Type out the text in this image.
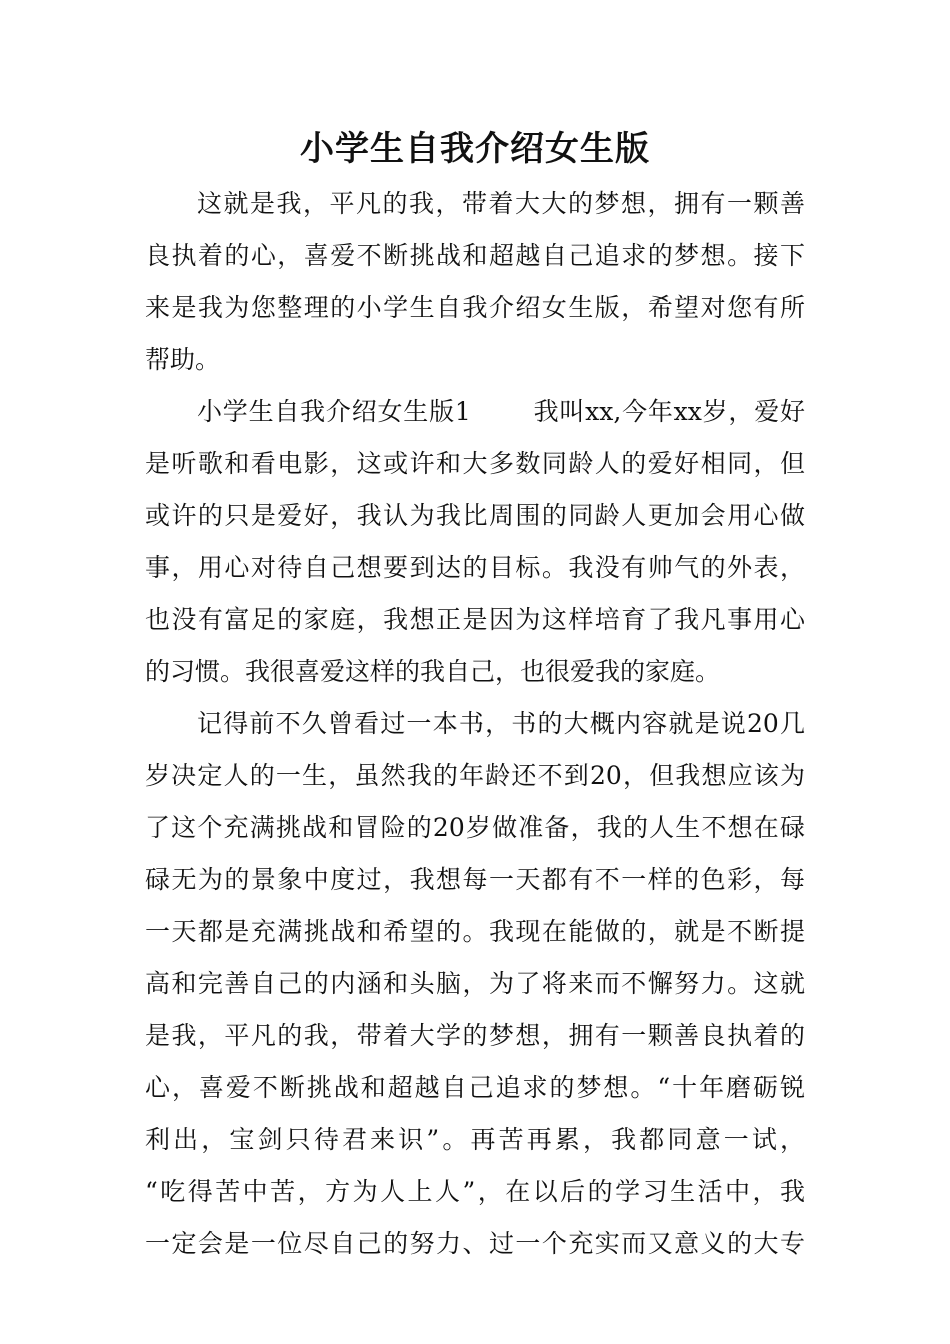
小学生自我介绍女生版
这就是我，平凡的我，带着大大的梦想，拥有一颗善
良执着的心，喜爱不断挑战和超越自己追求的梦想。接下
来是我为您整理的小学生自我介绍女生版，希望对您有所
帮助。
小学生自我介绍女生版1 我叫xx,今年xx岁，爱好
是听歌和看电影，这或许和大多数同龄人的爱好相同，但
或许的只是爱好，我认为我比周围的同龄人更加会用心做
事，用心对待自己想要到达的目标。我没有帅气的外表，
也没有富足的家庭，我想正是因为这样培育了我凡事用心
的习惯。我很喜爱这样的我自己，也很爱我的家庭。
记得前不久曾看过一本书，书的大概内容就是说20几
岁决定人的一生，虽然我的年龄还不到20，但我想应该为
了这个充满挑战和冒险的20岁做准备，我的人生不想在碌
碌无为的景象中度过，我想每一天都有不一样的色彩，每
一天都是充满挑战和希望的。我现在能做的，就是不断提
高和完善自己的内涵和头脑，为了将来而不懈努力。这就
是我，平凡的我，带着大学的梦想，拥有一颗善良执着的
心，喜爱不断挑战和超越自己追求的梦想。“十年磨砺锐
利出，宝剑只待君来识”。再苦再累，我都同意一试，
“吃得苦中苦，方为人上人”，在以后的学习生活中，我
一定会是一位尽自己的努力、过一个充实而又意义的大专
